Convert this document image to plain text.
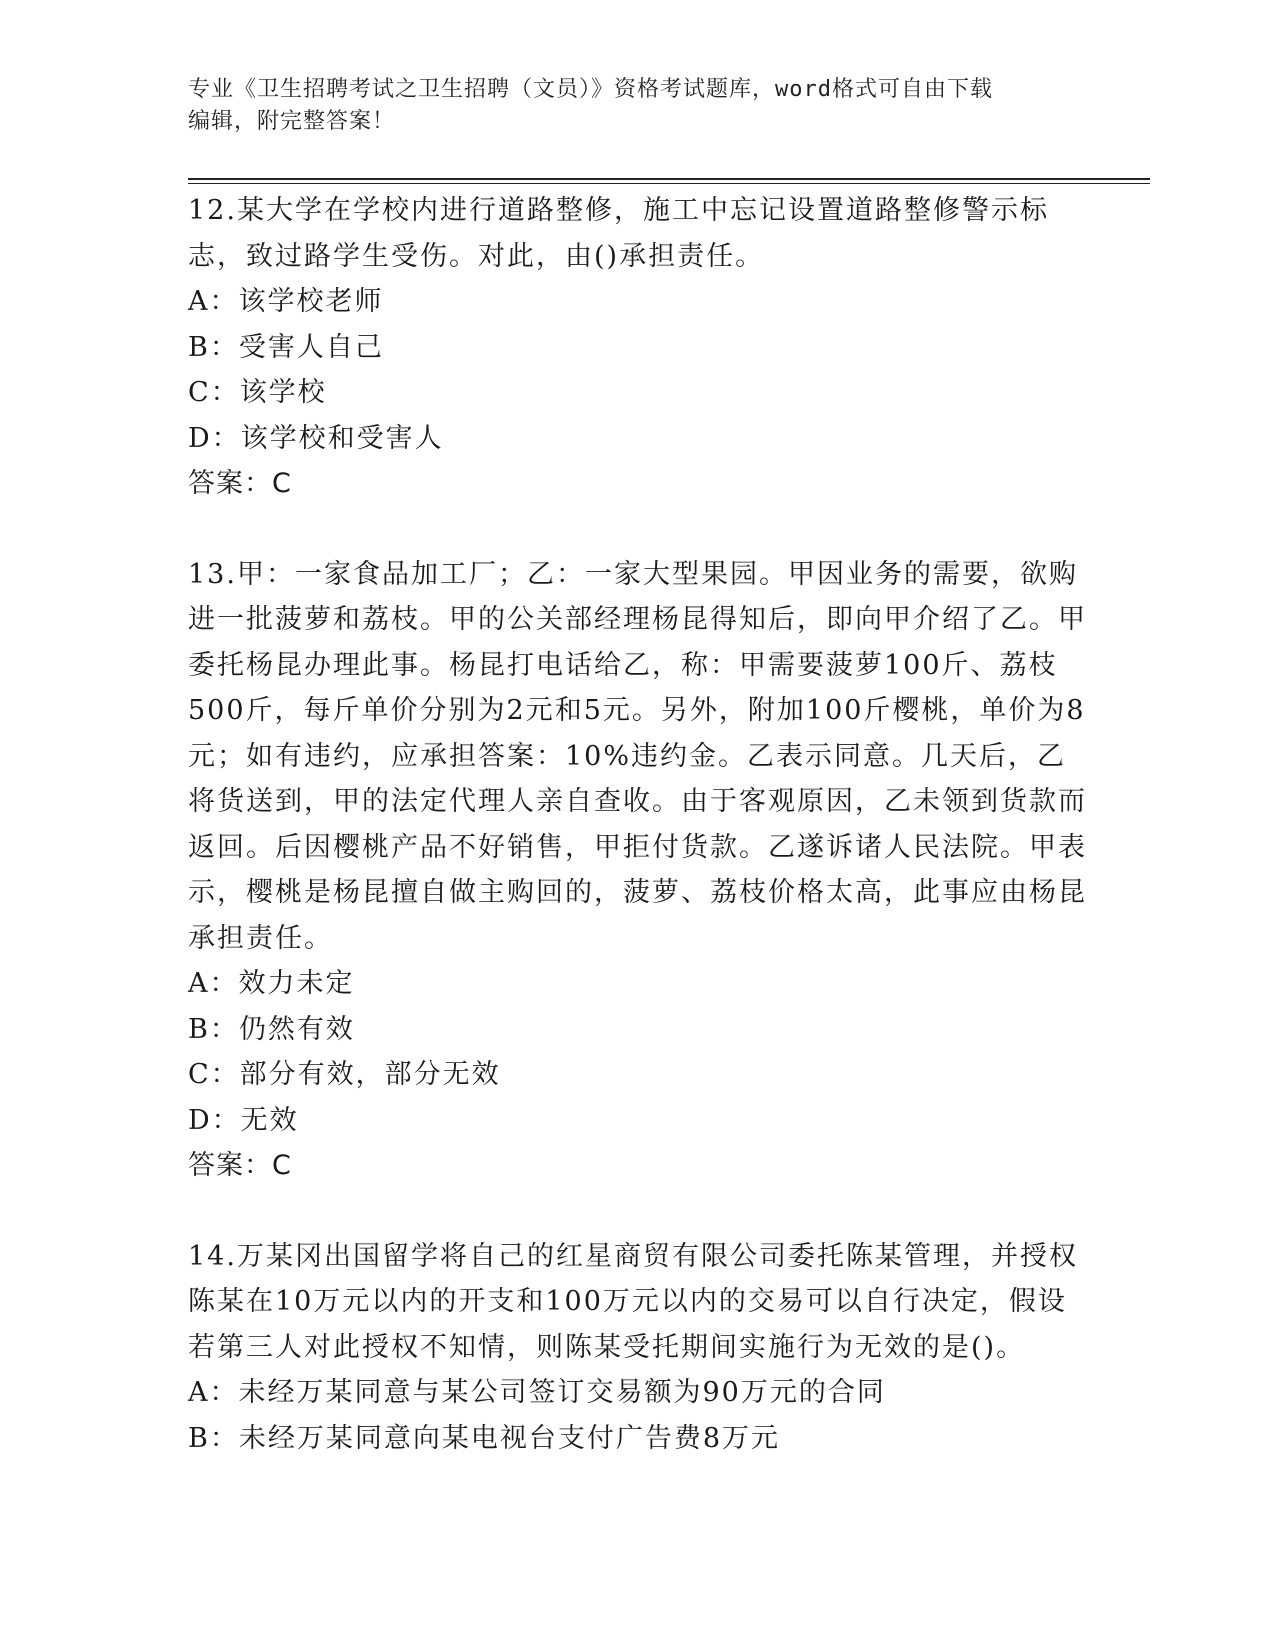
专业《卫生招聘考试之卫生招聘（文员）》资格考试题库，word格式可自由下载
编辑，附完整答案！

12.某大学在学校内进行道路整修，施工中忘记设置道路整修警示标志，致过路学生受伤。对此，由()承担责任。

A：该学校老师

B：受害人自己

C：该学校

D：该学校和受害人

答案：C

13.甲：一家食品加工厂；乙：一家大型果园。甲因业务的需要，欲购进一批菠萝和荔枝。甲的公关部经理杨昆得知后，即向甲介绍了乙。甲委托杨昆办理此事。杨昆打电话给乙，称：甲需要菠萝100斤、荔枝500斤，每斤单价分别为2元和5元。另外，附加100斤樱桃，单价为8元；如有违约，应承担答案：10%违约金。乙表示同意。几天后，乙将货送到，甲的法定代理人亲自查收。由于客观原因，乙未领到货款而返回。后因樱桃产品不好销售，甲拒付货款。乙遂诉诸人民法院。甲表示，樱桃是杨昆擅自做主购回的，菠萝、荔枝价格太高，此事应由杨昆承担责任。

A：效力未定

B：仍然有效

C：部分有效，部分无效

D：无效

答案：C

14.万某冈出国留学将自己的红星商贸有限公司委托陈某管理，并授权陈某在10万元以内的开支和100万元以内的交易可以自行决定，假设若第三人对此授权不知情，则陈某受托期间实施行为无效的是()。

A：未经万某同意与某公司签订交易额为90万元的合同

B：未经万某同意向某电视台支付广告费8万元
